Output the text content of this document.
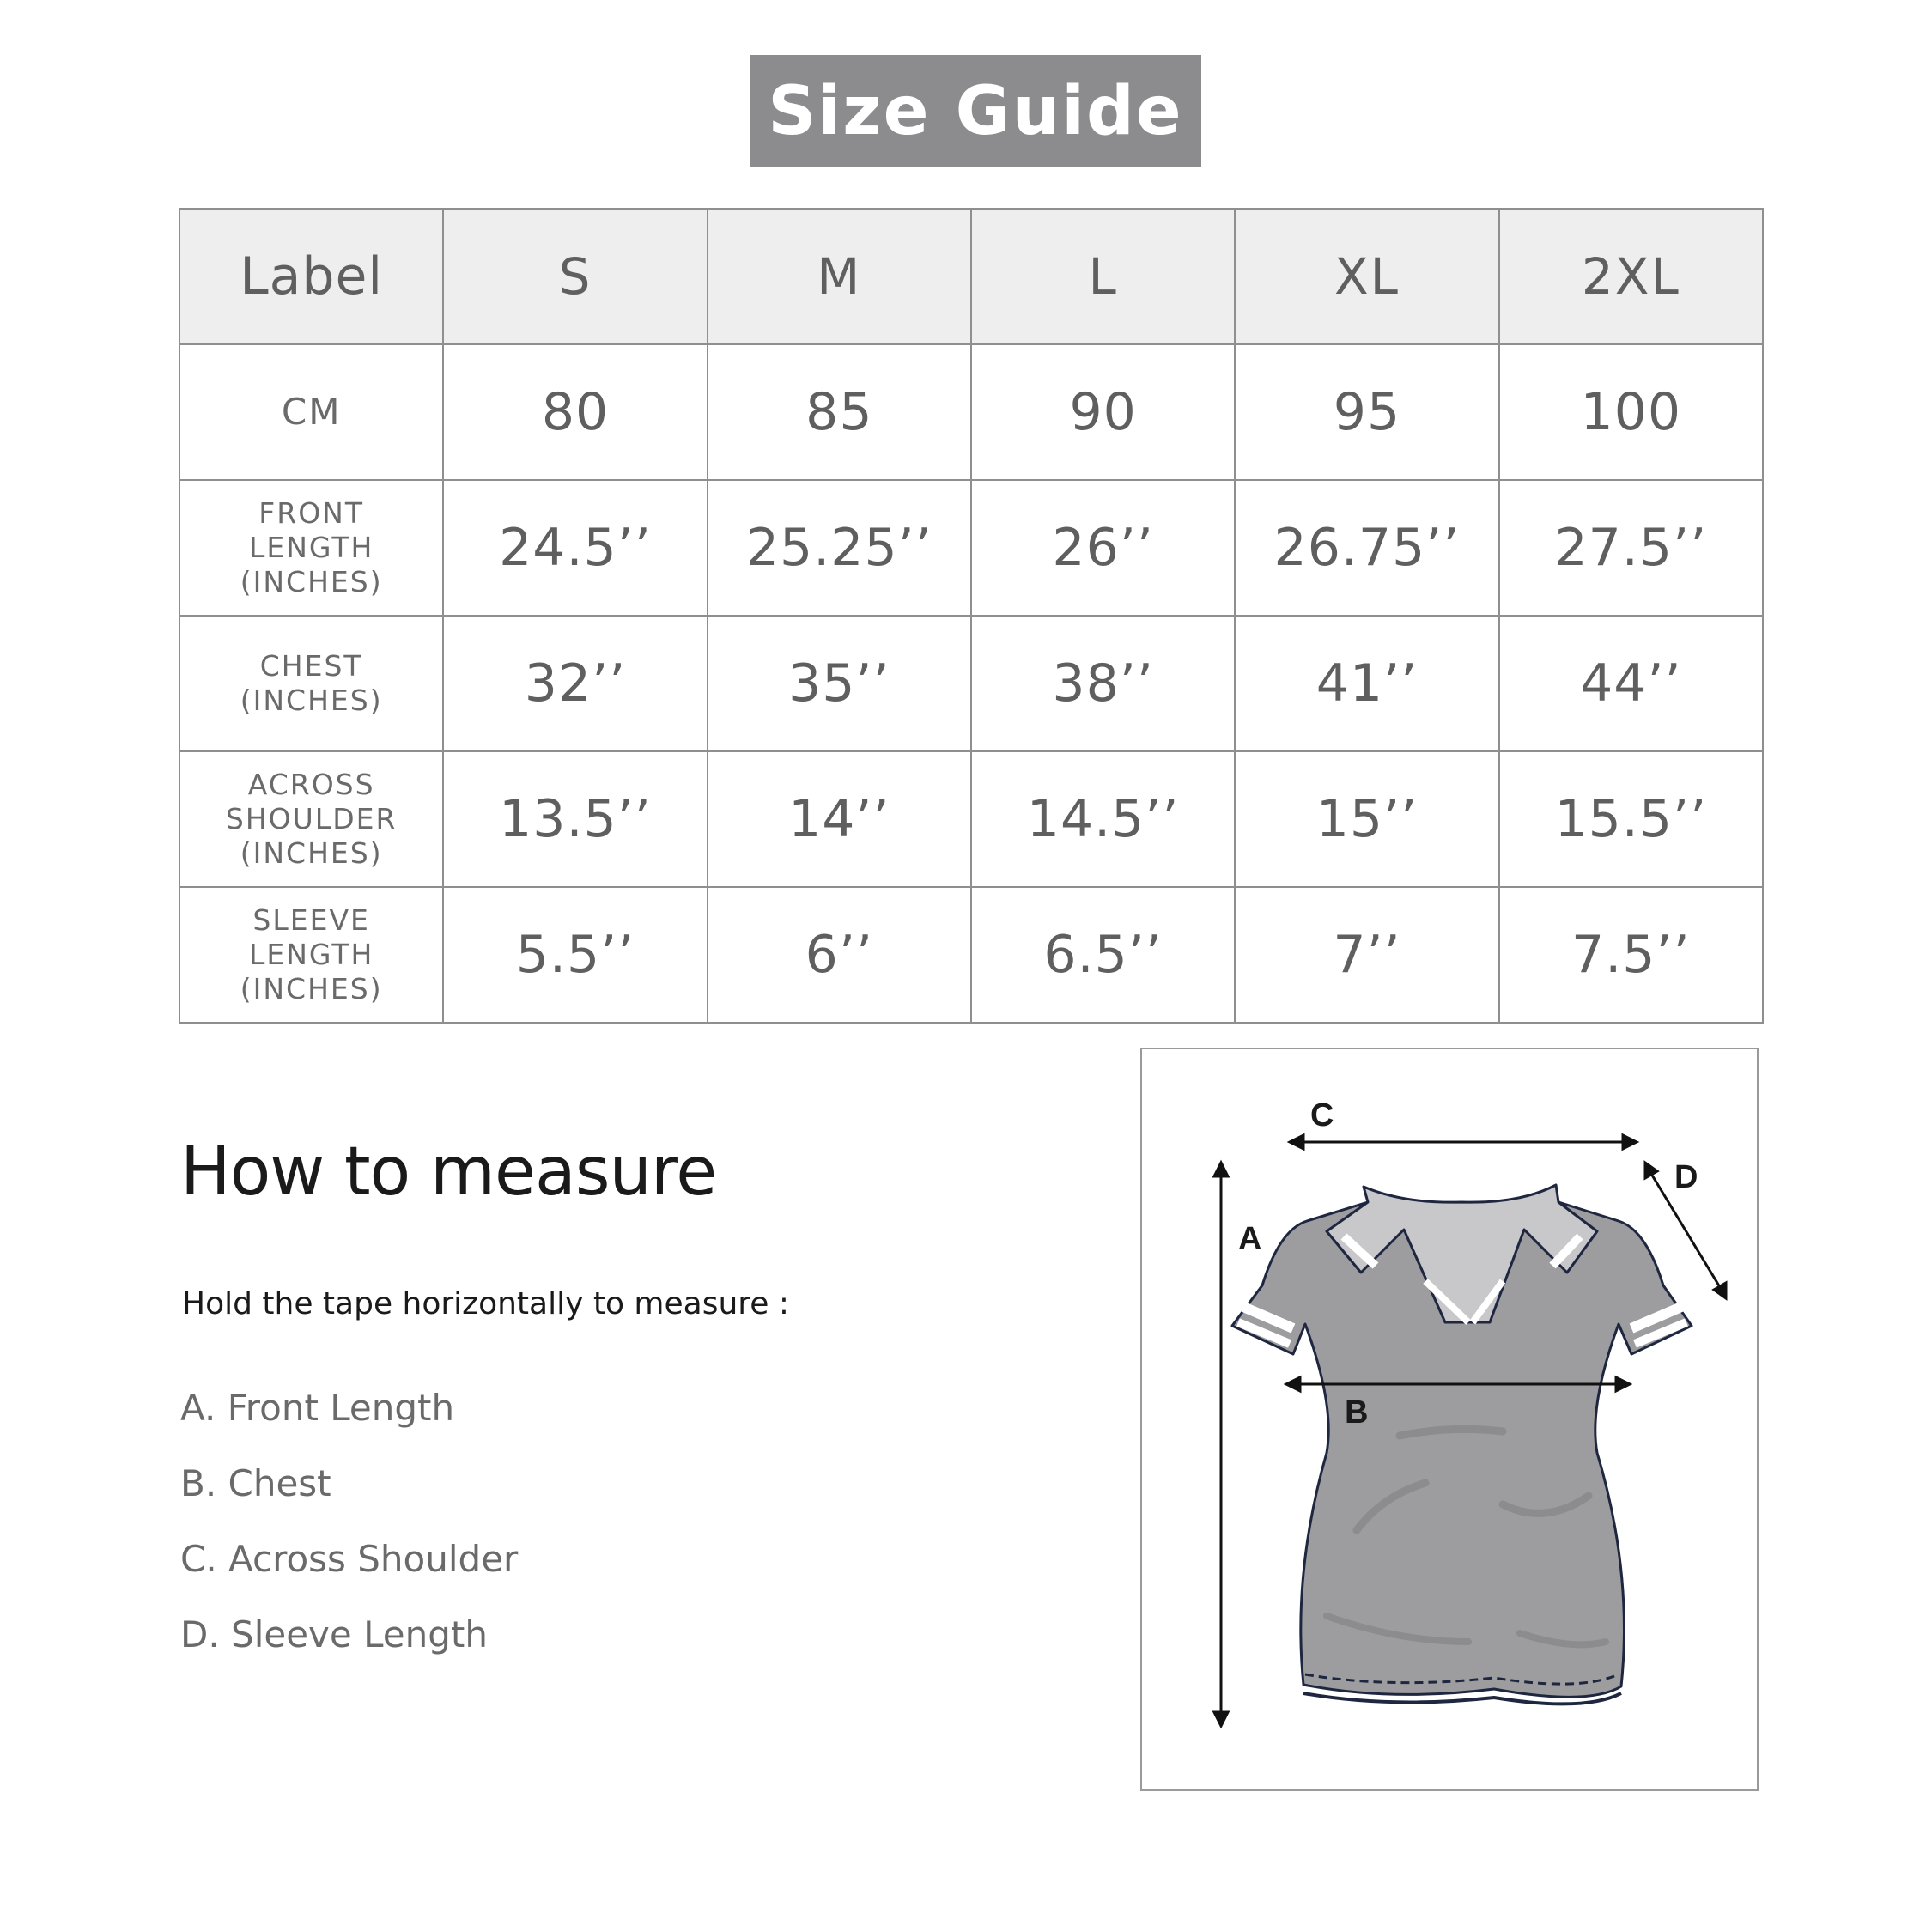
Size Guide
Label	S	M	L	XL	2XL
CM	80	85	90	95	100
FRONT
LENGTH
(INCHES)	24.5’’	25.25’’	26’’	26.75’’	27.5’’
CHEST
(INCHES)	32’’	35’’	38’’	41’’	44’’
ACROSS
SHOULDER
(INCHES)	13.5’’	14’’	14.5’’	15’’	15.5’’
SLEEVE
LENGTH
(INCHES)	5.5’’	6’’	6.5’’	7’’	7.5’’
How to measure
Hold the tape horizontally to measure :
A. Front Length
B. Chest
C. Across Shoulder
D. Sleeve Length
A
B
C
D
